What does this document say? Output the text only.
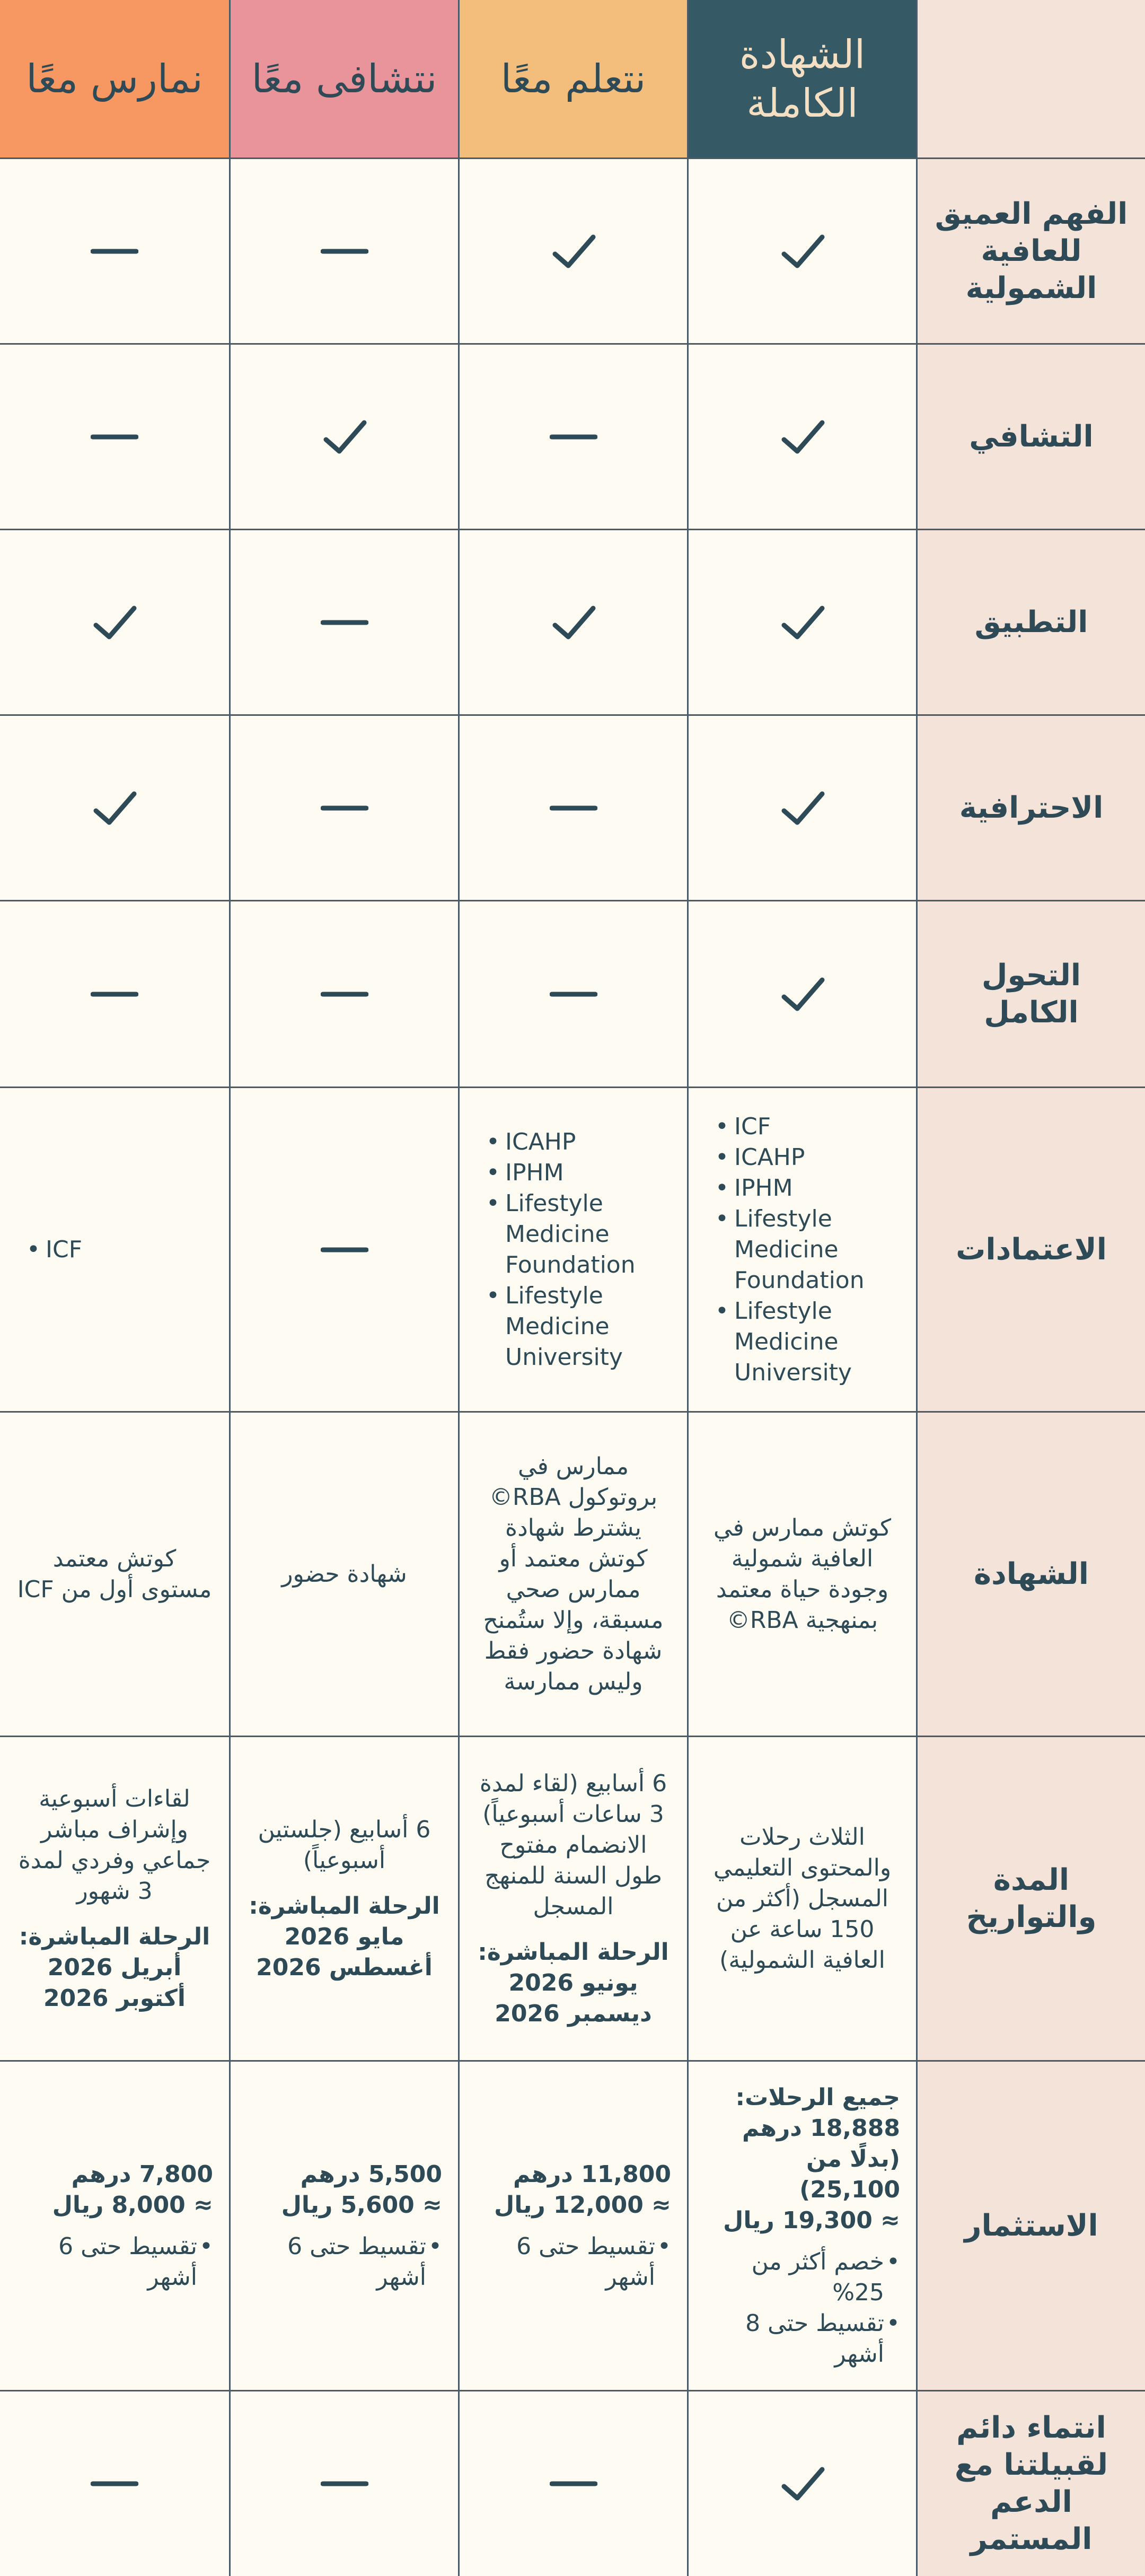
الشهادة الكاملة
نتعلم معًا
نتشافى معًا
نمارس معًا
الفهم العميق للعافية الشمولية
التشافي
التطبيق
الاحترافية
التحول الكامل
الاعتمادات
• ICF
• ICAHP
• IPHM
• Lifestyle Medicine Foundation
• Lifestyle Medicine University
• ICAHP
• IPHM
• Lifestyle Medicine Foundation
• Lifestyle Medicine University
• ICF
الشهادة
كوتش ممارس في العافية شمولية وجودة حياة معتمد بمنهجية RBA©
ممارس في بروتوكول RBA© يشترط شهادة كوتش معتمد أو ممارس صحي مسبقة، وإلا ستُمنح شهادة حضور فقط وليس ممارسة
شهادة حضور
كوتش معتمد مستوى أول من ICF
المدة والتواريخ
الثلاث رحلات والمحتوى التعليمي المسجل (أكثر من 150 ساعة عن العافية الشمولية)
6 أسابيع (لقاء لمدة 3 ساعات أسبوعياً) الانضمام مفتوح طول السنة للمنهج المسجل
الرحلة المباشرة:
يونيو 2026
ديسمبر 2026
6 أسابيع (جلستين أسبوعياً)
الرحلة المباشرة:
مايو 2026
أغسطس 2026
لقاءات أسبوعية وإشراف مباشر جماعي وفردي لمدة 3 شهور
الرحلة المباشرة:
أبريل 2026
أكتوبر 2026
الاستثمار
جميع الرحلات:
18,888 درهم
(بدلًا من 25,100)
≈ 19,300 ريال
• خصم أكثر من 25%
• تقسيط حتى 8 أشهر
11,800 درهم
≈ 12,000 ريال
• تقسيط حتى 6 أشهر
5,500 درهم
≈ 5,600 ريال
• تقسيط حتى 6 أشهر
7,800 درهم
≈ 8,000 ريال
• تقسيط حتى 6 أشهر
انتماء دائم لقبيلتنا مع الدعم المستمر
